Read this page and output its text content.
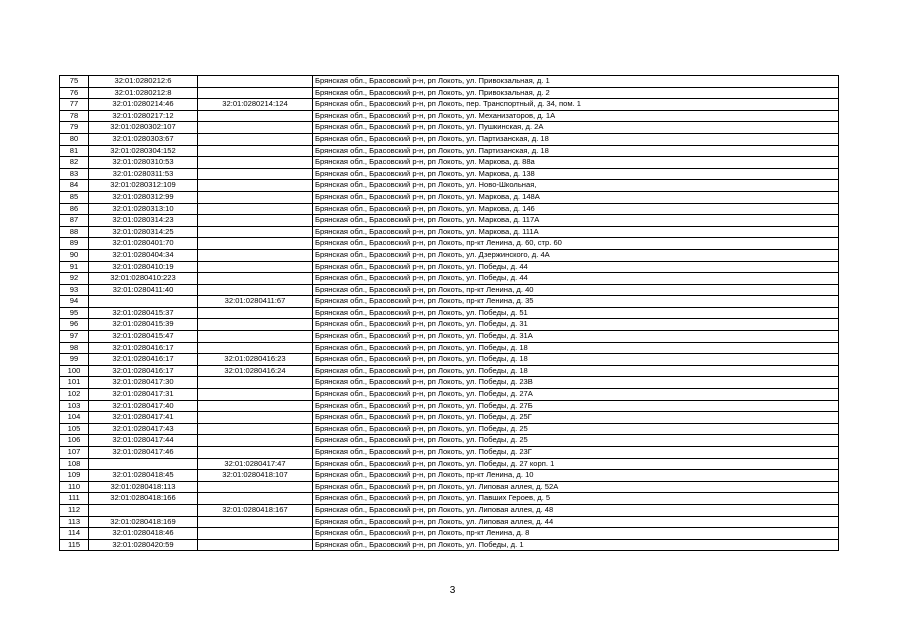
75	32:01:0280212:6		Брянская обл., Брасовский р-н, рп Локоть, ул. Привокзальная, д. 1
76	32:01:0280212:8		Брянская обл., Брасовский р-н, рп Локоть, ул. Привокзальная, д. 2
77	32:01:0280214:46	32:01:0280214:124	Брянская обл., Брасовский р-н, рп Локоть, пер. Транспортный, д. 34, пом. 1
78	32:01:0280217:12		Брянская обл., Брасовский р-н, рп Локоть, ул. Механизаторов, д. 1А
79	32:01:0280302:107		Брянская обл., Брасовский р-н, рп Локоть, ул. Пушкинская, д. 2А
80	32:01:0280303:67		Брянская обл., Брасовский р-н, рп Локоть, ул. Партизанская, д. 18
81	32:01:0280304:152		Брянская обл., Брасовский р-н, рп Локоть, ул. Партизанская, д. 18
82	32:01:0280310:53		Брянская обл., Брасовский р-н, рп Локоть, ул. Маркова, д. 88а
83	32:01:0280311:53		Брянская обл., Брасовский р-н, рп Локоть, ул. Маркова, д. 138
84	32:01:0280312:109		Брянская обл., Брасовский р-н, рп Локоть, ул. Ново-Школьная,
85	32:01:0280312:99		Брянская обл., Брасовский р-н, рп Локоть, ул. Маркова, д. 148А
86	32:01:0280313:10		Брянская обл., Брасовский р-н, рп Локоть, ул. Маркова, д. 146
87	32:01:0280314:23		Брянская обл., Брасовский р-н, рп Локоть, ул. Маркова, д. 117А
88	32:01:0280314:25		Брянская обл., Брасовский р-н, рп Локоть, ул. Маркова, д. 111А
89	32:01:0280401:70		Брянская обл., Брасовский р-н, рп Локоть, пр-кт Ленина, д. 60, стр. 60
90	32:01:0280404:34		Брянская обл., Брасовский р-н, рп Локоть, ул. Дзержинского, д. 4А
91	32:01:0280410:19		Брянская обл., Брасовский р-н, рп Локоть, ул. Победы, д. 44
92	32:01:0280410:223		Брянская обл., Брасовский р-н, рп Локоть, ул. Победы, д. 44
93	32:01:0280411:40		Брянская обл., Брасовский р-н, рп Локоть, пр-кт Ленина, д. 40
94		32:01:0280411:67	Брянская обл., Брасовский р-н, рп Локоть, пр-кт Ленина, д. 35
95	32:01:0280415:37		Брянская обл., Брасовский р-н, рп Локоть, ул. Победы, д. 51
96	32:01:0280415:39		Брянская обл., Брасовский р-н, рп Локоть, ул. Победы, д. 31
97	32:01:0280415:47		Брянская обл., Брасовский р-н, рп Локоть, ул. Победы, д. 31А
98	32:01:0280416:17		Брянская обл., Брасовский р-н, рп Локоть, ул. Победы, д. 18
99	32:01:0280416:17	32:01:0280416:23	Брянская обл., Брасовский р-н, рп Локоть, ул. Победы, д. 18
100	32:01:0280416:17	32:01:0280416:24	Брянская обл., Брасовский р-н, рп Локоть, ул. Победы, д. 18
101	32:01:0280417:30		Брянская обл., Брасовский р-н, рп Локоть, ул. Победы, д. 23В
102	32:01:0280417:31		Брянская обл., Брасовский р-н, рп Локоть, ул. Победы, д. 27А
103	32:01:0280417:40		Брянская обл., Брасовский р-н, рп Локоть, ул. Победы, д. 27Б
104	32:01:0280417:41		Брянская обл., Брасовский р-н, рп Локоть, ул. Победы, д. 25Г
105	32:01:0280417:43		Брянская обл., Брасовский р-н, рп Локоть, ул. Победы, д. 25
106	32:01:0280417:44		Брянская обл., Брасовский р-н, рп Локоть, ул. Победы, д. 25
107	32:01:0280417:46		Брянская обл., Брасовский р-н, рп Локоть, ул. Победы, д. 23Г
108		32:01:0280417:47	Брянская обл., Брасовский р-н, рп Локоть, ул. Победы, д. 27 корп. 1
109	32:01:0280418:45	32:01:0280418:107	Брянская обл., Брасовский р-н, рп Локоть, пр-кт Ленина, д. 10
110	32:01:0280418:113		Брянская обл., Брасовский р-н, рп Локоть, ул. Липовая аллея, д. 52А
111	32:01:0280418:166		Брянская обл., Брасовский р-н, рп Локоть, ул. Павших Героев, д. 5
112		32:01:0280418:167	Брянская обл., Брасовский р-н, рп Локоть, ул. Липовая аллея, д. 48
113	32:01:0280418:169		Брянская обл., Брасовский р-н, рп Локоть, ул. Липовая аллея, д. 44
114	32:01:0280418:46		Брянская обл., Брасовский р-н, рп Локоть, пр-кт Ленина, д. 8
115	32:01:0280420:59		Брянская обл., Брасовский р-н, рп Локоть, ул. Победы, д. 1
3
